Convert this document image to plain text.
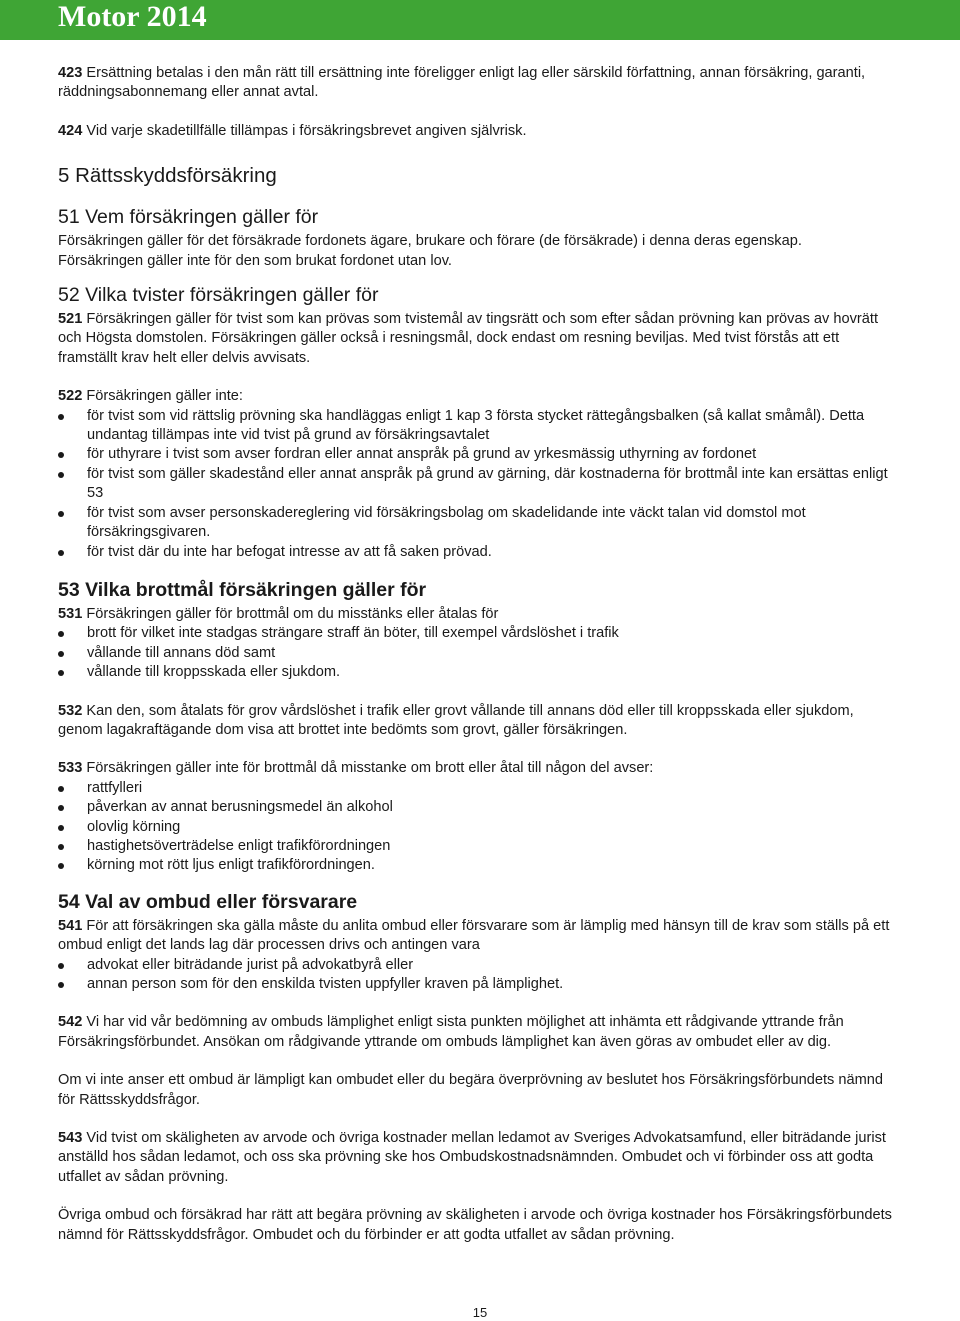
Motor 2014

423 Ersättning betalas i den mån rätt till ersättning inte föreligger enligt lag eller särskild författning, annan försäkring, garanti, räddningsabonnemang eller annat avtal.

424 Vid varje skadetillfälle tillämpas i försäkringsbrevet angiven självrisk.

5 Rättsskyddsförsäkring
51 Vem försäkringen gäller för

Försäkringen gäller för det försäkrade fordonets ägare, brukare och förare (de försäkrade) i denna deras egenskap.

Försäkringen gäller inte för den som brukat fordonet utan lov.

52 Vilka tvister försäkringen gäller för

521 Försäkringen gäller för tvist som kan prövas som tvistemål av tingsrätt och som efter sådan prövning kan prövas av hovrätt och Högsta domstolen. Försäkringen gäller också i resningsmål, dock endast om resning beviljas. Med tvist förstås att ett framställt krav helt eller delvis avvisats.

522 Försäkringen gäller inte:

för tvist som vid rättslig prövning ska handläggas enligt 1 kap 3 första stycket rättegångsbalken (så kallat småmål). Detta undantag tillämpas inte vid tvist på grund av försäkringsavtalet
för uthyrare i tvist som avser fordran eller annat anspråk på grund av yrkesmässig uthyrning av fordonet
för tvist som gäller skadestånd eller annat anspråk på grund av gärning, där kostnaderna för brottmål inte kan ersättas enligt 53
för tvist som avser personskadereglering vid försäkringsbolag om skadelidande inte väckt talan vid domstol mot försäkringsgivaren.
för tvist där du inte har befogat intresse av att få saken prövad.
53 Vilka brottmål försäkringen gäller för

531 Försäkringen gäller för brottmål om du misstänks eller åtalas för

brott för vilket inte stadgas strängare straff än böter, till exempel vårdslöshet i trafik
vållande till annans död samt
vållande till kroppsskada eller sjukdom.

532 Kan den, som åtalats för grov vårdslöshet i trafik eller grovt vållande till annans död eller till kroppsskada eller sjukdom, genom lagakraftägande dom visa att brottet inte bedömts som grovt, gäller försäkringen.

533 Försäkringen gäller inte för brottmål då misstanke om brott eller åtal till någon del avser:

rattfylleri
påverkan av annat berusningsmedel än alkohol
olovlig körning
hastighetsöverträdelse enligt trafikförordningen
körning mot rött ljus enligt trafikförordningen.
54 Val av ombud eller försvarare

541 För att försäkringen ska gälla måste du anlita ombud eller försvarare som är lämplig med hänsyn till de krav som ställs på ett ombud enligt det lands lag där processen drivs och antingen vara

advokat eller biträdande jurist på advokatbyrå eller
annan person som för den enskilda tvisten uppfyller kraven på lämplighet.

542 Vi har vid vår bedömning av ombuds lämplighet enligt sista punkten möjlighet att inhämta ett rådgivande yttrande från Försäkringsförbundet. Ansökan om rådgivande yttrande om ombuds lämplighet kan även göras av ombudet eller av dig.

Om vi inte anser ett ombud är lämpligt kan ombudet eller du begära överprövning av beslutet hos Försäkringsförbundets nämnd för Rättsskyddsfrågor.

543 Vid tvist om skäligheten av arvode och övriga kostnader mellan ledamot av Sveriges Advokatsamfund, eller biträdande jurist anställd hos sådan ledamot, och oss ska prövning ske hos Ombudskostnadsnämnden. Ombudet och vi förbinder oss att godta utfallet av sådan prövning.

Övriga ombud och försäkrad har rätt att begära prövning av skäligheten i arvode och övriga kostnader hos Försäkringsförbundets nämnd för Rättsskyddsfrågor. Ombudet och du förbinder er att godta utfallet av sådan prövning.

15
